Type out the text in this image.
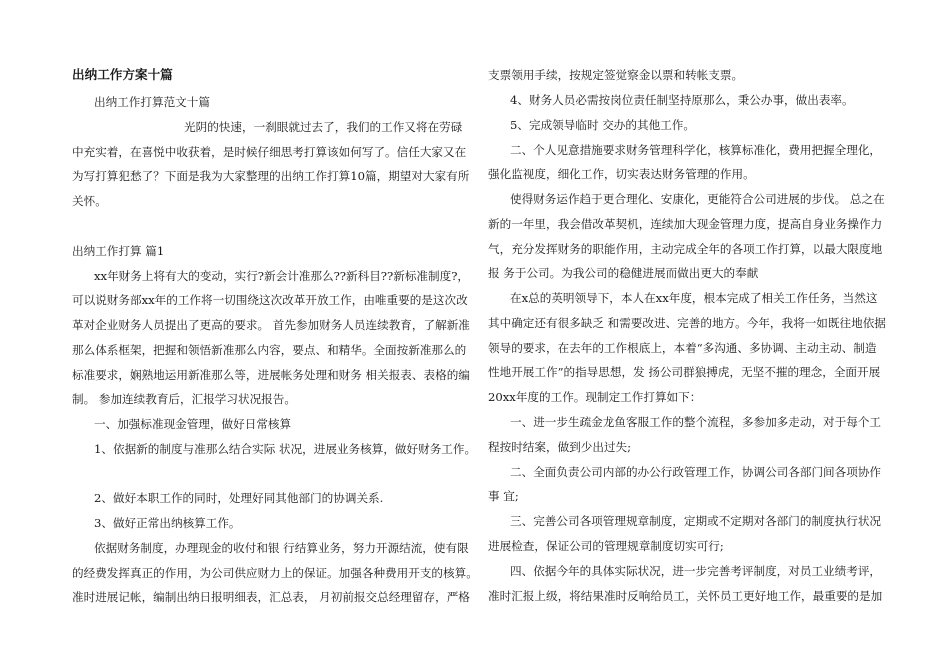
出纳工作方案十篇
出纳工作打算范文十篇
光阴的快速，一刹眼就过去了，我们的工作又将在劳碌
中充实着，在喜悦中收获着，是时候仔细思考打算该如何写了。信任大家又在
为写打算犯愁了？下面是我为大家整理的出纳工作打算10篇，期望对大家有所
关怀。
出纳工作打算 篇1
xx年财务上将有大的变动，实行?新会计准那么??新科目??新标准制度?，
可以说财务部xx年的工作将一切围绕这次改革开放工作，由唯重要的是这次改
革对企业财务人员提出了更高的要求。 首先参加财务人员连续教育，了解新准
那么体系框架，把握和领悟新准那么内容，要点、和精华。全面按新准那么的
标准要求，娴熟地运用新准那么等，进展帐务处理和财务 相关报表、表格的编
制。 参加连续教育后，汇报学习状况报告。
一、加强标准现金管理，做好日常核算
1、依据新的制度与准那么结合实际 状况，进展业务核算，做好财务工作。
2、做好本职工作的同时，处理好同其他部门的协调关系.
3、做好正常出纳核算工作。
依据财务制度，办理现金的收付和银 行结算业务，努力开源结流，使有限
的经费发挥真正的作用，为公司供应财力上的保证。加强各种费用开支的核算。
准时进展记帐，编制出纳日报明细表，汇总表， 月初前报交总经理留存，严格
支票领用手续，按规定签觉察金以票和转帐支票。
4、财务人员必需按岗位责任制坚持原那么，秉公办事，做出表率。
5、完成领导临时 交办的其他工作。
二、个人见意措施要求财务管理科学化，核算标准化，费用把握全理化，
强化监视度，细化工作，切实表达财务管理的作用。
使得财务运作趋于更合理化、安康化，更能符合公司进展的步伐。 总之在
新的一年里，我会借改革契机，连续加大现金管理力度，提高自身业务操作力
气，充分发挥财务的职能作用，主动完成全年的各项工作打算，以最大限度地
报 务于公司。为我公司的稳健进展而做出更大的奉献
在x总的英明领导下，本人在xx年度，根本完成了相关工作任务，当然这
其中确定还有很多缺乏 和需要改进、完善的地方。今年，我将一如既往地依据
领导的要求，在去年的工作根底上，本着“多沟通、多协调、主动主动、制造
性地开展工作”的指导思想，发 扬公司群狼搏虎，无坚不摧的理念，全面开展
20xx年度的工作。现制定工作打算如下：
一、进一步生疏金龙鱼客服工作的整个流程，多参加多走动，对于每个工
程按时结案，做到少出过失;
二、全面负责公司内部的办公行政管理工作，协调公司各部门间各项协作
事 宜;
三、完善公司各项管理规章制度，定期或不定期对各部门的制度执行状况
进展检查，保证公司的管理规章制度切实可行;
四、依据今年的具体实际状况，进一步完善考评制度，对员工业绩考评，
准时汇报上级，将结果准时反响给员工，关怀员工更好地工作，最重要的是加
